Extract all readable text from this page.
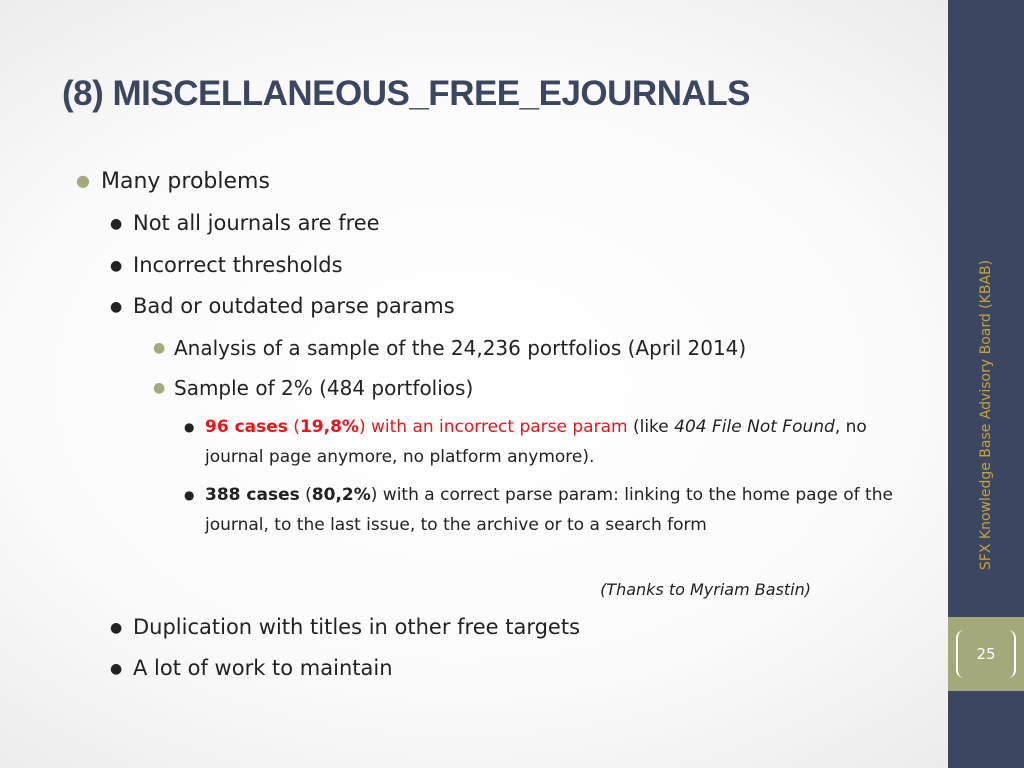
(8) MISCELLANEOUS_FREE_EJOURNALS
● Many problems
● Not all journals are free
● Incorrect thresholds
● Bad or outdated parse params
● Analysis of a sample of the 24,236 portfolios (April 2014)
● Sample of 2% (484 portfolios)
● 96 cases (19,8%) with an incorrect parse param (like 404 File Not Found, no journal page anymore, no platform anymore).
● 388 cases (80,2%) with a correct parse param: linking to the home page of the journal, to the last issue, to the archive or to a search form
(Thanks to Myriam Bastin)
● Duplication with titles in other free targets
● A lot of work to maintain
SFX Knowledge Base Advisory Board (KBAB)
25
